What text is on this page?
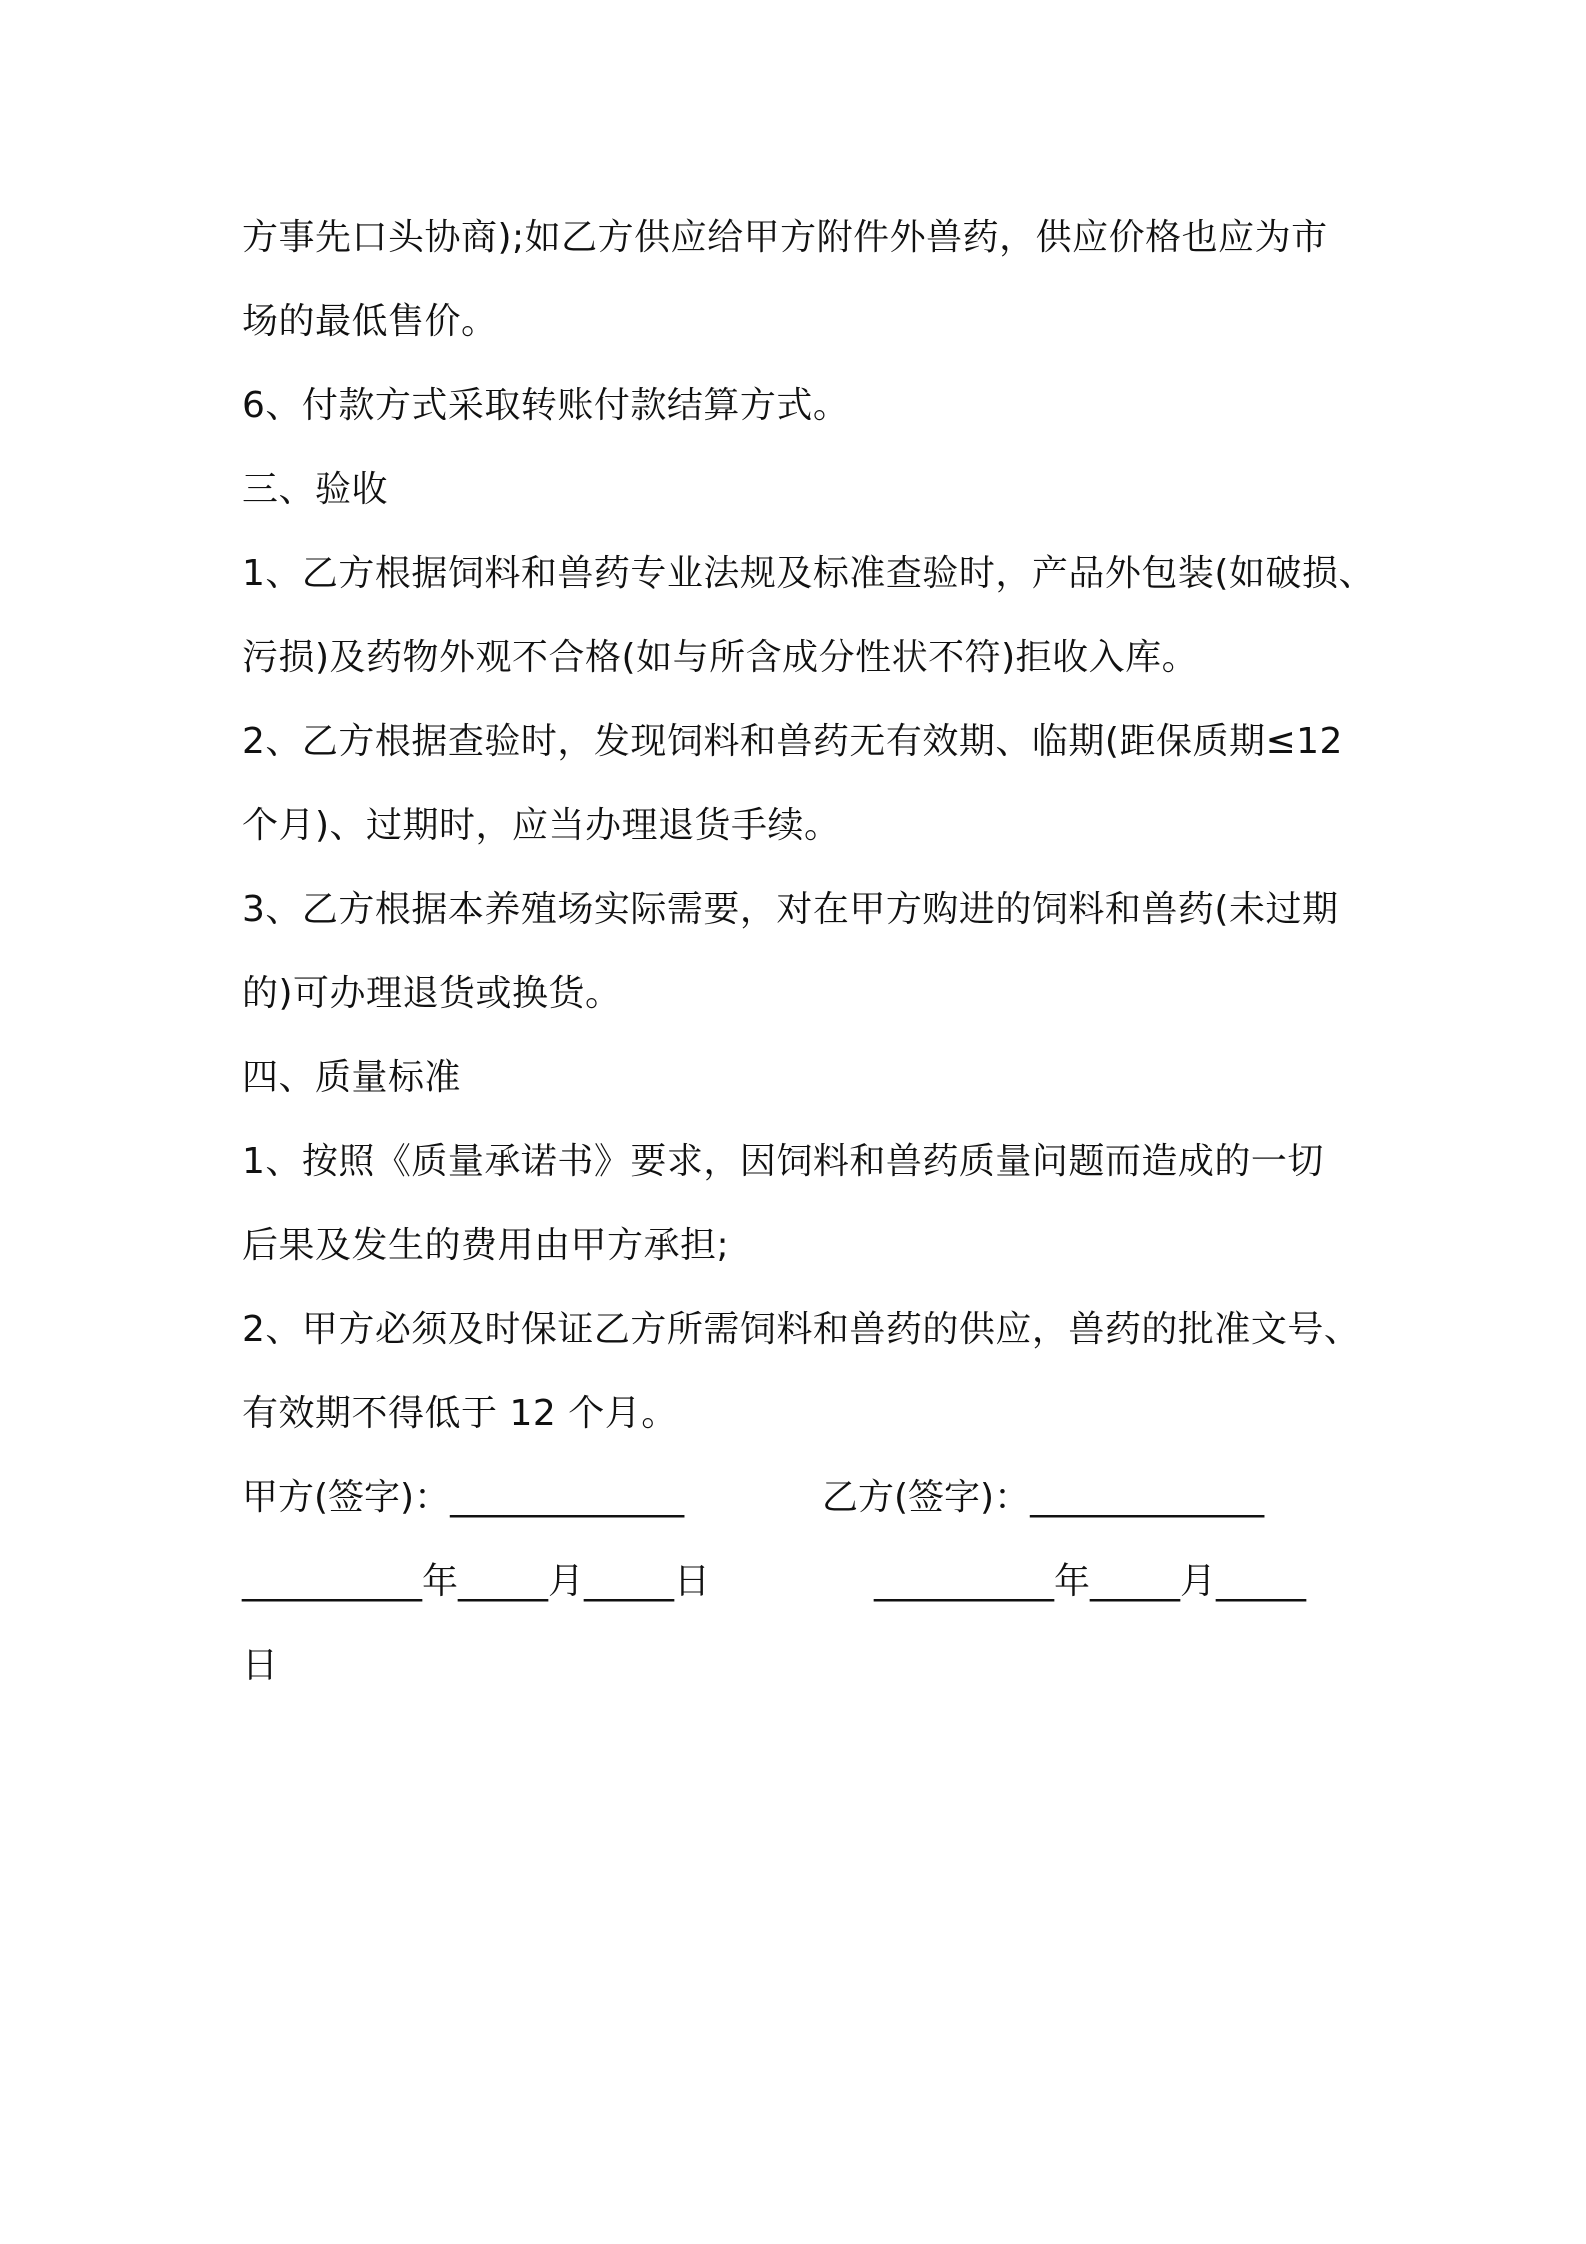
方事先口头协商);如乙方供应给甲方附件外兽药，供应价格也应为市
场的最低售价。
6、付款方式采取转账付款结算方式。
三、验收
1、乙方根据饲料和兽药专业法规及标准查验时，产品外包装(如破损、
污损)及药物外观不合格(如与所含成分性状不符)拒收入库。
2、乙方根据查验时，发现饲料和兽药无有效期、临期(距保质期≤12
个月)、过期时，应当办理退货手续。
3、乙方根据本养殖场实际需要，对在甲方购进的饲料和兽药(未过期
的)可办理退货或换货。
四、质量标准
1、按照《质量承诺书》要求，因饲料和兽药质量问题而造成的一切
后果及发生的费用由甲方承担;
2、甲方必须及时保证乙方所需饲料和兽药的供应，兽药的批准文号、
有效期不得低于 12 个月。
甲方(签字)：_____________	乙方(签字)：_____________
__________年_____月_____日	__________年_____月_____
日
